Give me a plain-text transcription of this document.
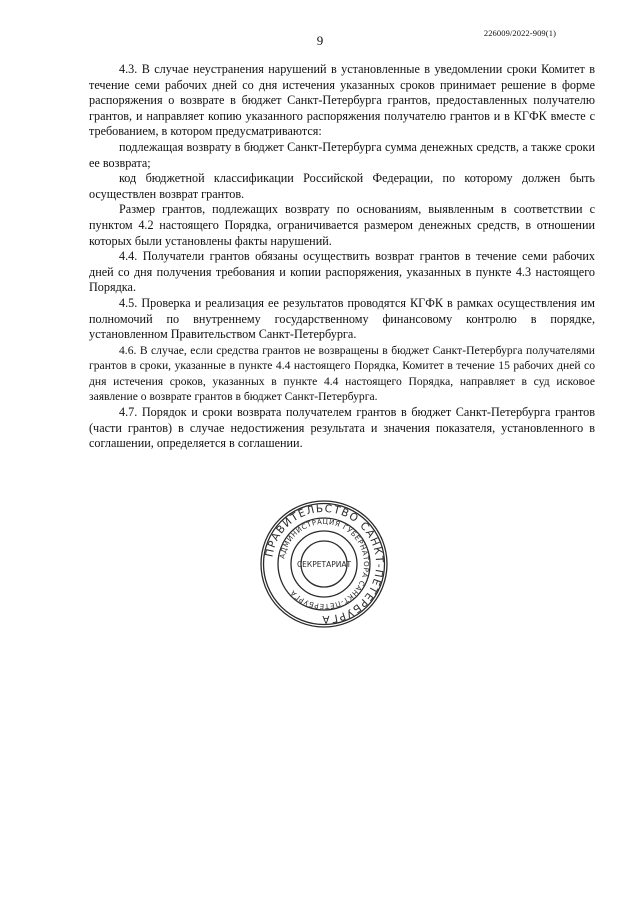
226009/2022-909(1)
9

4.3. В случае неустранения нарушений в установленные в уведомлении сроки Комитет в течение семи рабочих дней со дня истечения указанных сроков принимает решение в форме распоряжения о возврате в бюджет Санкт-Петербурга грантов, предоставленных получателю грантов, и направляет копию указанного распоряжения получателю грантов и в КГФК вместе с требованием, в котором предусматриваются:

подлежащая возврату в бюджет Санкт-Петербурга сумма денежных средств, а также сроки ее возврата;

код бюджетной классификации Российской Федерации, по которому должен быть осуществлен возврат грантов.

Размер грантов, подлежащих возврату по основаниям, выявленным в соответствии с пунктом 4.2 настоящего Порядка, ограничивается размером денежных средств, в отношении которых были установлены факты нарушений.

4.4. Получатели грантов обязаны осуществить возврат грантов в течение семи рабочих дней со дня получения требования и копии распоряжения, указанных в пункте 4.3 настоящего Порядка.

4.5. Проверка и реализация ее результатов проводятся КГФК в рамках осуществления им полномочий по внутреннему государственному финансовому контролю в порядке, установленном Правительством Санкт-Петербурга.

4.6. В случае, если средства грантов не возвращены в бюджет Санкт-Петербурга получателями грантов в сроки, указанные в пункте 4.4 настоящего Порядка, Комитет в течение 15 рабочих дней со дня истечения сроков, указанных в пункте 4.4 настоящего Порядка, направляет в суд исковое заявление о возврате грантов в бюджет Санкт-Петербурга.

4.7. Порядок и сроки возврата получателем грантов в бюджет Санкт-Петербурга грантов (части грантов) в случае недостижения результата и значения показателя, установленного в соглашении, определяется в соглашении.

ПРАВИТЕЛЬСТВО САНКТ-ПЕТЕРБУРГА
АДМИНИСТРАЦИЯ ГУБЕРНАТОРА САНКТ-ПЕТЕРБУРГА
СЕКРЕТАРИАТ
